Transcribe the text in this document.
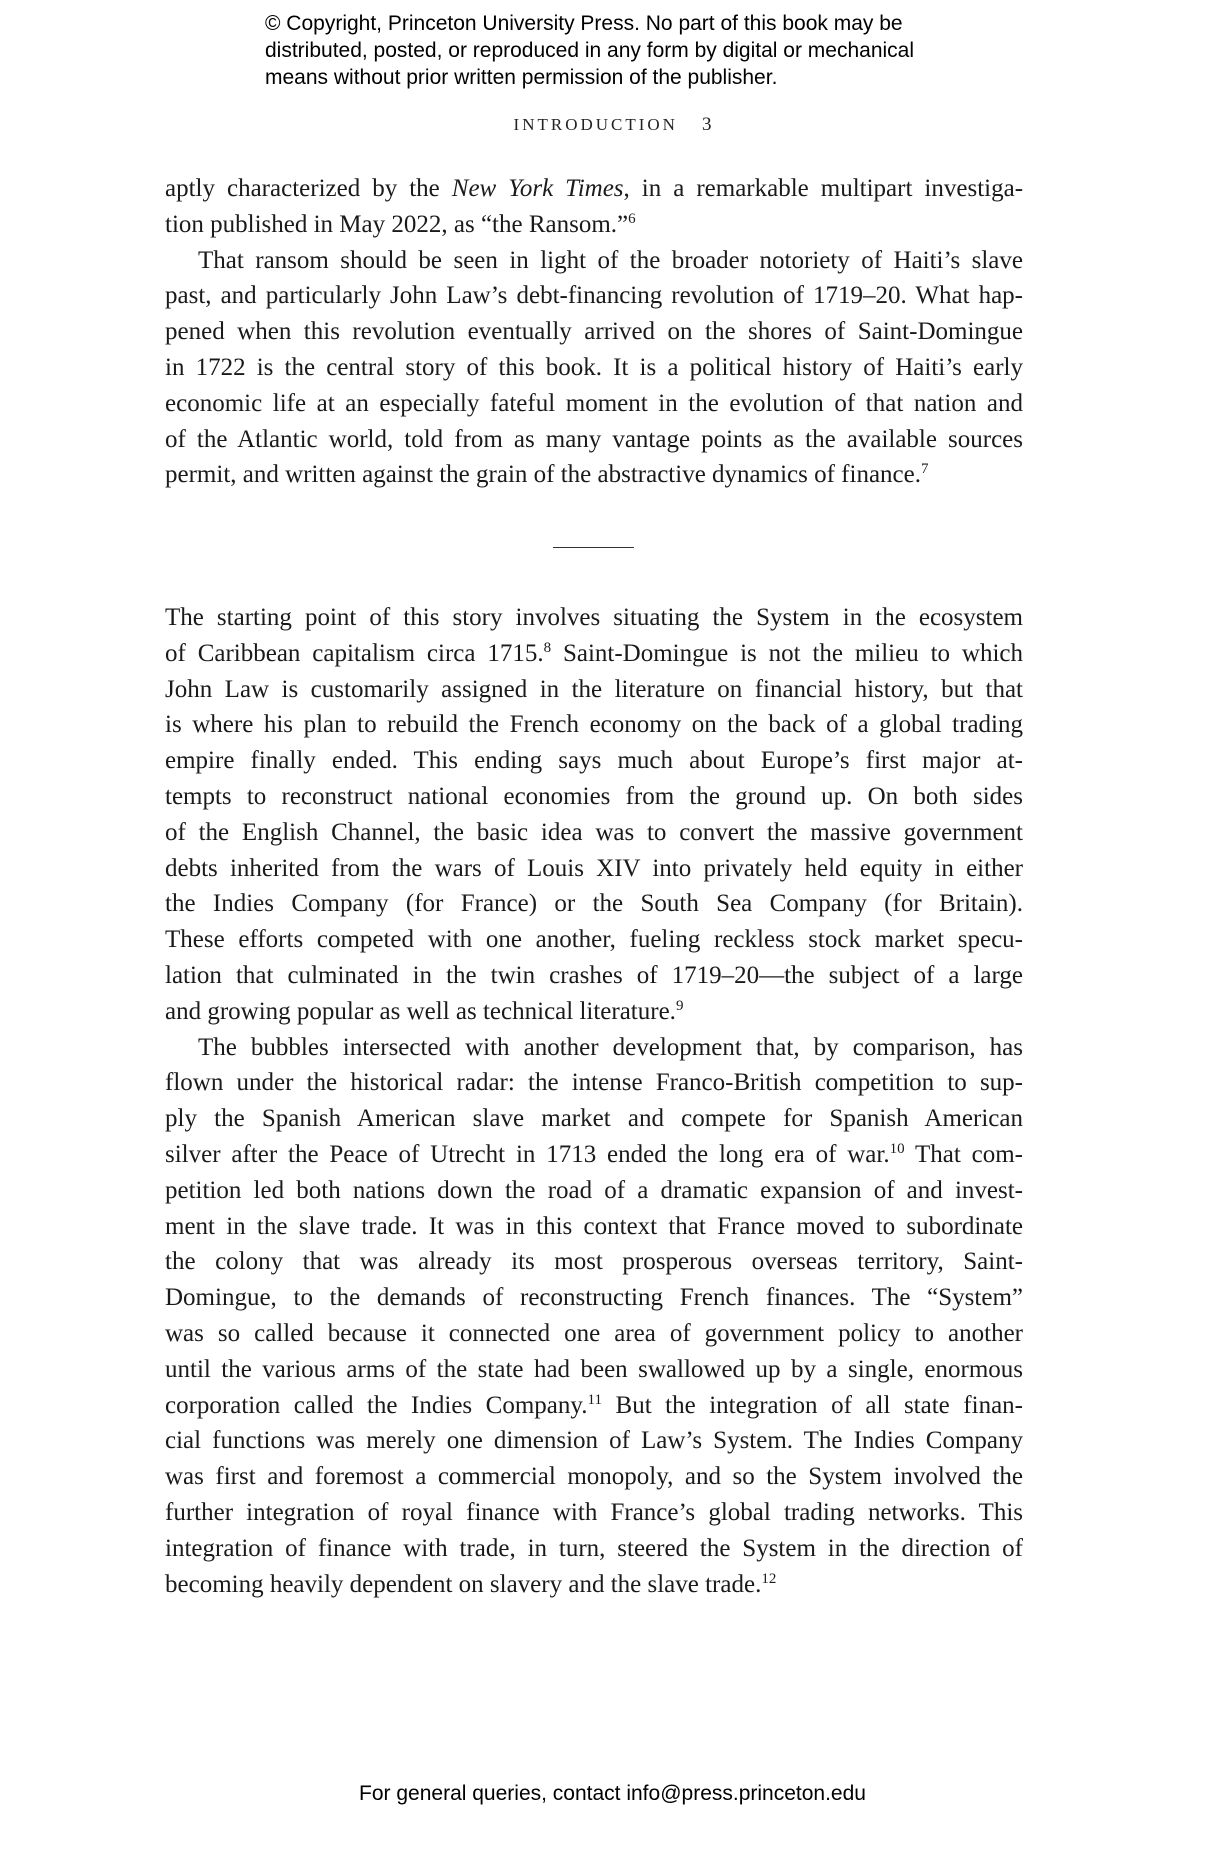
© Copyright, Princeton University Press. No part of this book may be
distributed, posted, or reproduced in any form by digital or mechanical
means without prior written permission of the publisher.
INTRODUCTION 3
aptly characterized by the New York Times, in a remarkable multipart investiga-
tion published in May 2022, as “the Ransom.”$^6$
That ransom should be seen in light of the broader notoriety of Haiti’s slave
past, and particularly John Law’s debt-financing revolution of 1719–20. What hap-
pened when this revolution eventually arrived on the shores of Saint-Domingue
in 1722 is the central story of this book. It is a political history of Haiti’s early
economic life at an especially fateful moment in the evolution of that nation and
of the Atlantic world, told from as many vantage points as the available sources
permit, and written against the grain of the abstractive dynamics of finance.$^7$
The starting point of this story involves situating the System in the ecosystem
of Caribbean capitalism circa 1715.$^8$ Saint-Domingue is not the milieu to which
John Law is customarily assigned in the literature on financial history, but that
is where his plan to rebuild the French economy on the back of a global trading
empire finally ended. This ending says much about Europe’s first major at-
tempts to reconstruct national economies from the ground up. On both sides
of the English Channel, the basic idea was to convert the massive government
debts inherited from the wars of Louis XIV into privately held equity in either
the Indies Company (for France) or the South Sea Company (for Britain).
These efforts competed with one another, fueling reckless stock market specu-
lation that culminated in the twin crashes of 1719–20—the subject of a large
and growing popular as well as technical literature.$^9$
The bubbles intersected with another development that, by comparison, has
flown under the historical radar: the intense Franco-British competition to sup-
ply the Spanish American slave market and compete for Spanish American
silver after the Peace of Utrecht in 1713 ended the long era of war.$^{10}$ That com-
petition led both nations down the road of a dramatic expansion of and invest-
ment in the slave trade. It was in this context that France moved to subordinate
the colony that was already its most prosperous overseas territory, Saint-
Domingue, to the demands of reconstructing French finances. The “System”
was so called because it connected one area of government policy to another
until the various arms of the state had been swallowed up by a single, enormous
corporation called the Indies Company.$^{11}$ But the integration of all state finan-
cial functions was merely one dimension of Law’s System. The Indies Company
was first and foremost a commercial monopoly, and so the System involved the
further integration of royal finance with France’s global trading networks. This
integration of finance with trade, in turn, steered the System in the direction of
becoming heavily dependent on slavery and the slave trade.$^{12}$
For general queries, contact info@press.princeton.edu
